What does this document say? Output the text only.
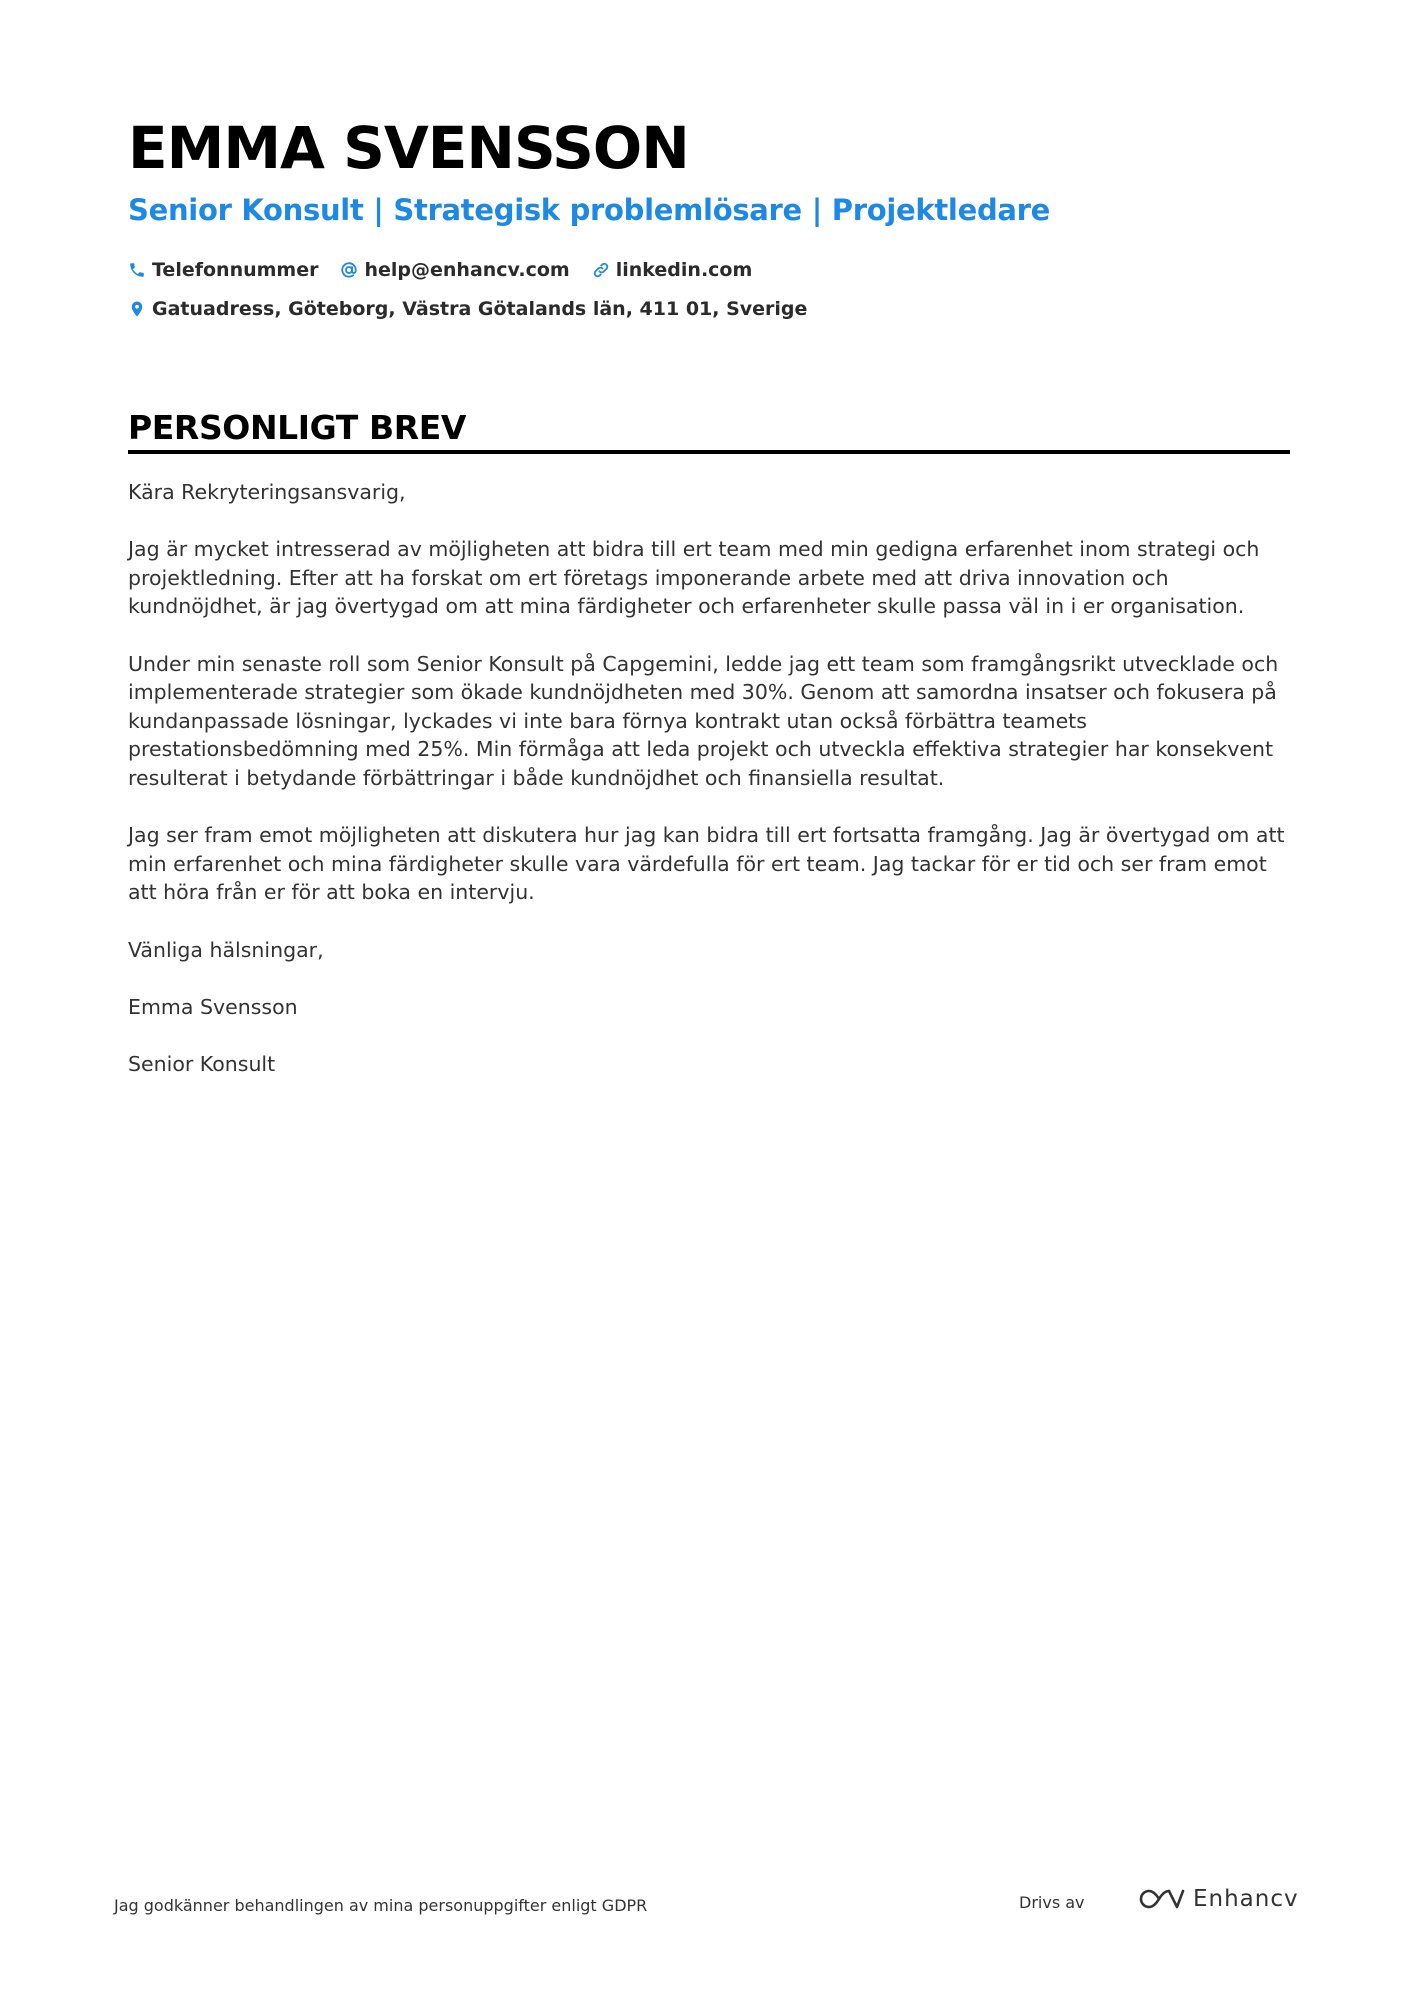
EMMA SVENSSON
Senior Konsult | Strategisk problemlösare | Projektledare
Telefonnummer help@enhancv.com linkedin.com
Gatuadress, Göteborg, Västra Götalands län, 411 01, Sverige
PERSONLIGT BREV

Kära Rekryteringsansvarig,

Jag är mycket intresserad av möjligheten att bidra till ert team med min gedigna erfarenhet inom strategi och projektledning. Efter att ha forskat om ert företags imponerande arbete med att driva innovation och kundnöjdhet, är jag övertygad om att mina färdigheter och erfarenheter skulle passa väl in i er organisation.

Under min senaste roll som Senior Konsult på Capgemini, ledde jag ett team som framgångsrikt utvecklade och implementerade strategier som ökade kundnöjdheten med 30%. Genom att samordna insatser och fokusera på kundanpassade lösningar, lyckades vi inte bara förnya kontrakt utan också förbättra teamets prestationsbedömning med 25%. Min förmåga att leda projekt och utveckla effektiva strategier har konsekvent resulterat i betydande förbättringar i både kundnöjdhet och finansiella resultat.

Jag ser fram emot möjligheten att diskutera hur jag kan bidra till ert fortsatta framgång. Jag är övertygad om att min erfarenhet och mina färdigheter skulle vara värdefulla för ert team. Jag tackar för er tid och ser fram emot att höra från er för att boka en intervju.

Vänliga hälsningar,

Emma Svensson

Senior Konsult

Jag godkänner behandlingen av mina personuppgifter enligt GDPR	Drivs av	Enhancv
